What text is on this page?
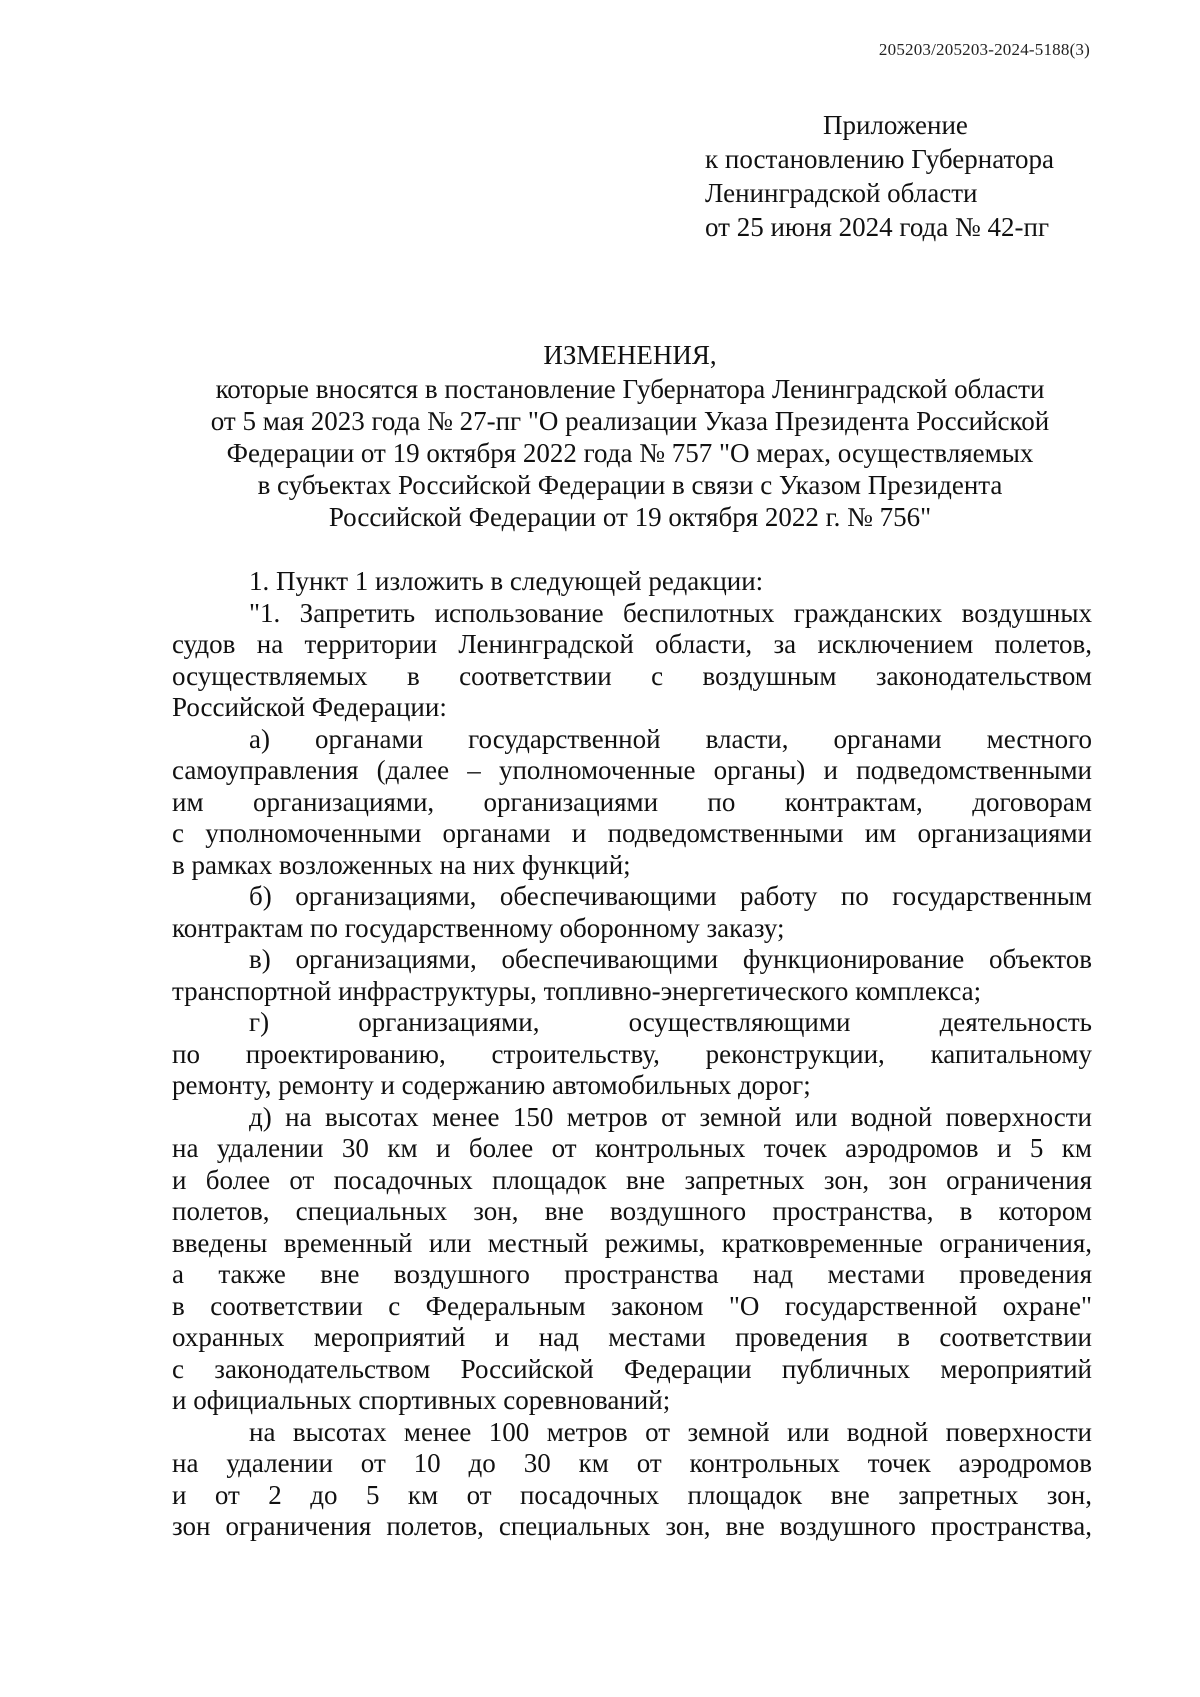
205203/205203-2024-5188(3)
Приложение
к постановлению Губернатора
Ленинградской области
от 25 июня 2024 года № 42-пг
ИЗМЕНЕНИЯ,
которые вносятся в постановление Губернатора Ленинградской области
от 5 мая 2023 года № 27-пг "О реализации Указа Президента Российской
Федерации от 19 октября 2022 года № 757 "О мерах, осуществляемых
в субъектах Российской Федерации в связи с Указом Президента
Российской Федерации от 19 октября 2022 г. № 756"
1. Пункт 1 изложить в следующей редакции:
"1. Запретить использование беспилотных гражданских воздушных
судов на территории Ленинградской области, за исключением полетов,
осуществляемых в соответствии с воздушным законодательством
Российской Федерации:
а) органами государственной власти, органами местного
самоуправления (далее – уполномоченные органы) и подведомственными
им организациями, организациями по контрактам, договорам
с уполномоченными органами и подведомственными им организациями
в рамках возложенных на них функций;
б) организациями, обеспечивающими работу по государственным
контрактам по государственному оборонному заказу;
в) организациями, обеспечивающими функционирование объектов
транспортной инфраструктуры, топливно-энергетического комплекса;
г) организациями, осуществляющими деятельность
по проектированию, строительству, реконструкции, капитальному
ремонту, ремонту и содержанию автомобильных дорог;
д) на высотах менее 150 метров от земной или водной поверхности
на удалении 30 км и более от контрольных точек аэродромов и 5 км
и более от посадочных площадок вне запретных зон, зон ограничения
полетов, специальных зон, вне воздушного пространства, в котором
введены временный или местный режимы, кратковременные ограничения,
а также вне воздушного пространства над местами проведения
в соответствии с Федеральным законом "О государственной охране"
охранных мероприятий и над местами проведения в соответствии
с законодательством Российской Федерации публичных мероприятий
и официальных спортивных соревнований;
на высотах менее 100 метров от земной или водной поверхности
на удалении от 10 до 30 км от контрольных точек аэродромов
и от 2 до 5 км от посадочных площадок вне запретных зон,
зон ограничения полетов, специальных зон, вне воздушного пространства,
